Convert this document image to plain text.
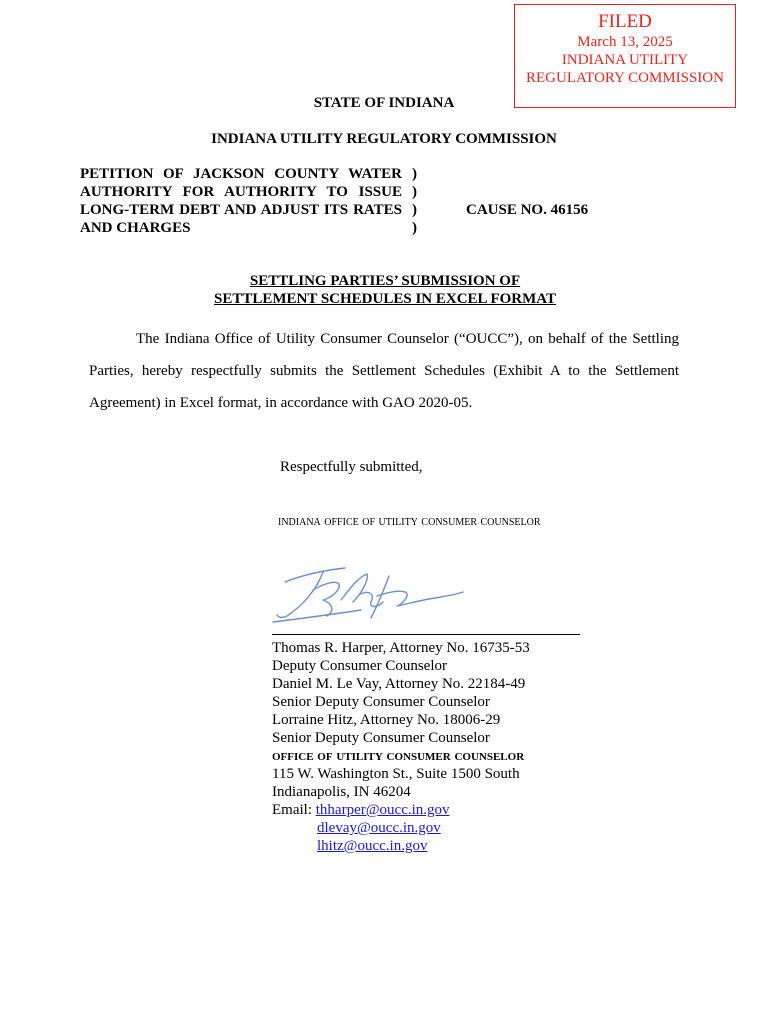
FILED
March 13, 2025
INDIANA UTILITY
REGULATORY COMMISSION
STATE OF INDIANA
INDIANA UTILITY REGULATORY COMMISSION
PETITION OF JACKSON COUNTY WATER
AUTHORITY FOR AUTHORITY TO ISSUE
LONG-TERM DEBT AND ADJUST ITS RATES
AND CHARGES
)
)
)
)
CAUSE NO. 46156
SETTLING PARTIES’ SUBMISSION OF
SETTLEMENT SCHEDULES IN EXCEL FORMAT
The Indiana Office of Utility Consumer Counselor (“OUCC”), on behalf of the Settling Parties, hereby respectfully submits the Settlement Schedules (Exhibit A to the Settlement Agreement) in Excel format, in accordance with GAO 2020-05.
Respectfully submitted,
indiana office of utility consumer counselor
Thomas R. Harper, Attorney No. 16735-53
Deputy Consumer Counselor
Daniel M. Le Vay, Attorney No. 22184-49
Senior Deputy Consumer Counselor
Lorraine Hitz, Attorney No. 18006-29
Senior Deputy Consumer Counselor
office of utility consumer counselor
115 W. Washington St., Suite 1500 South
Indianapolis, IN 46204
Email: thharper@oucc.in.gov
dlevay@oucc.in.gov
lhitz@oucc.in.gov
